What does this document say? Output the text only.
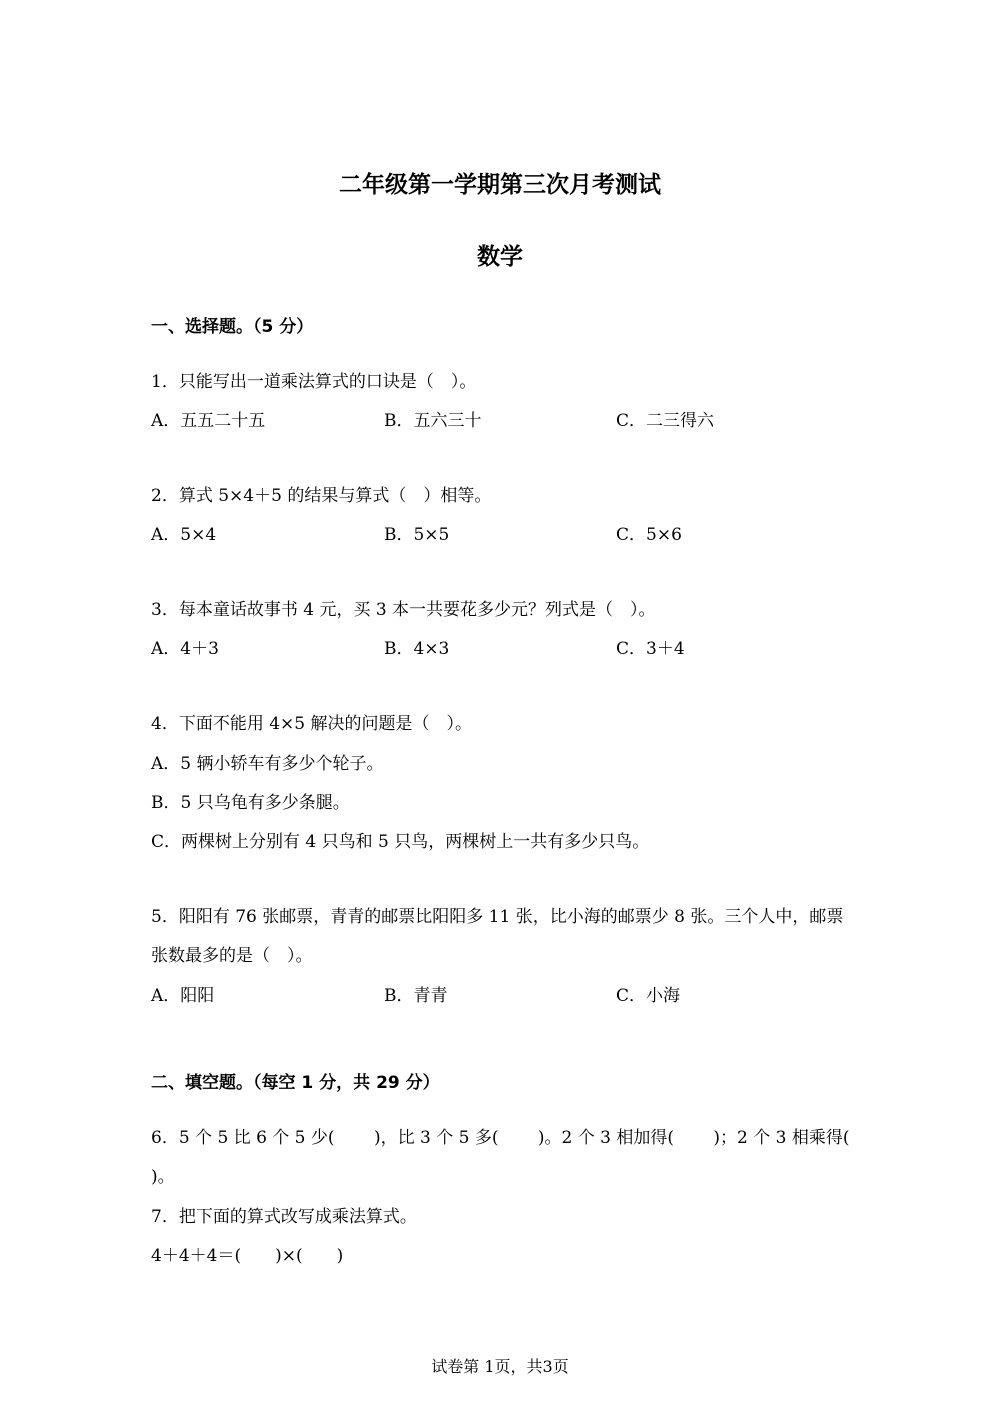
二年级第一学期第三次月考测试
数学
一、选择题。（5 分）
1．只能写出一道乘法算式的口诀是（　）。
A．五五二十五	B．五六三十	C．二三得六
2．算式 5×4＋5 的结果与算式（　）相等。
A．5×4	B．5×5	C．5×6
3．每本童话故事书 4 元，买 3 本一共要花多少元？列式是（　）。
A．4＋3	B．4×3	C．3＋4
4．下面不能用 4×5 解决的问题是（　）。
A．5 辆小轿车有多少个轮子。
B．5 只乌龟有多少条腿。
C．两棵树上分别有 4 只鸟和 5 只鸟，两棵树上一共有多少只鸟。
5．阳阳有 76 张邮票，青青的邮票比阳阳多 11 张，比小海的邮票少 8 张。三个人中，邮票
张数最多的是（　）。
A．阳阳	B．青青	C．小海
二、填空题。（每空 1 分，共 29 分）
6．5 个 5 比 6 个 5 少(　　 )，比 3 个 5 多(　　 )。2 个 3 相加得(　　 )；2 个 3 相乘得(
)。
7．把下面的算式改写成乘法算式。
4＋4＋4＝(　　)×(　　)
试卷第 1页，共3页
